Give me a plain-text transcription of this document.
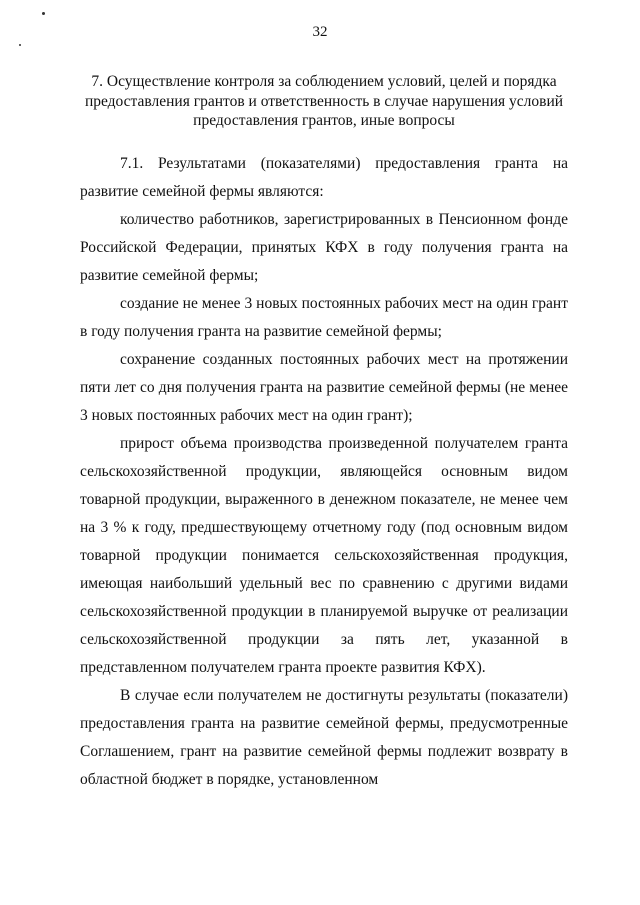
32
7. Осуществление контроля за соблюдением условий, целей и порядка предоставления грантов и ответственность в случае нарушения условий предоставления грантов, иные вопросы

7.1. Результатами (показателями) предоставления гранта на развитие семейной фермы являются:

количество работников, зарегистрированных в Пенсионном фонде Российской Федерации, принятых КФХ в году получения гранта на развитие семейной фермы;

создание не менее 3 новых постоянных рабочих мест на один грант в году получения гранта на развитие семейной фермы;

сохранение созданных постоянных рабочих мест на протяжении пяти лет со дня получения гранта на развитие семейной фермы (не менее 3 новых постоянных рабочих мест на один грант);

прирост объема производства произведенной получателем гранта сельскохозяйственной продукции, являющейся основным видом товарной продукции, выраженного в денежном показателе, не менее чем на 3 % к году, предшествующему отчетному году (под основным видом товарной продукции понимается сельскохозяйственная продукция, имеющая наибольший удельный вес по сравнению с другими видами сельскохозяйственной продукции в планируемой выручке от реализации сельскохозяйственной продукции за пять лет, указанной в представленном получателем гранта проекте развития КФХ).

В случае если получателем не достигнуты результаты (показатели) предоставления гранта на развитие семейной фермы, предусмотренные Соглашением, грант на развитие семейной фермы подлежит возврату в областной бюджет в порядке, установленном
